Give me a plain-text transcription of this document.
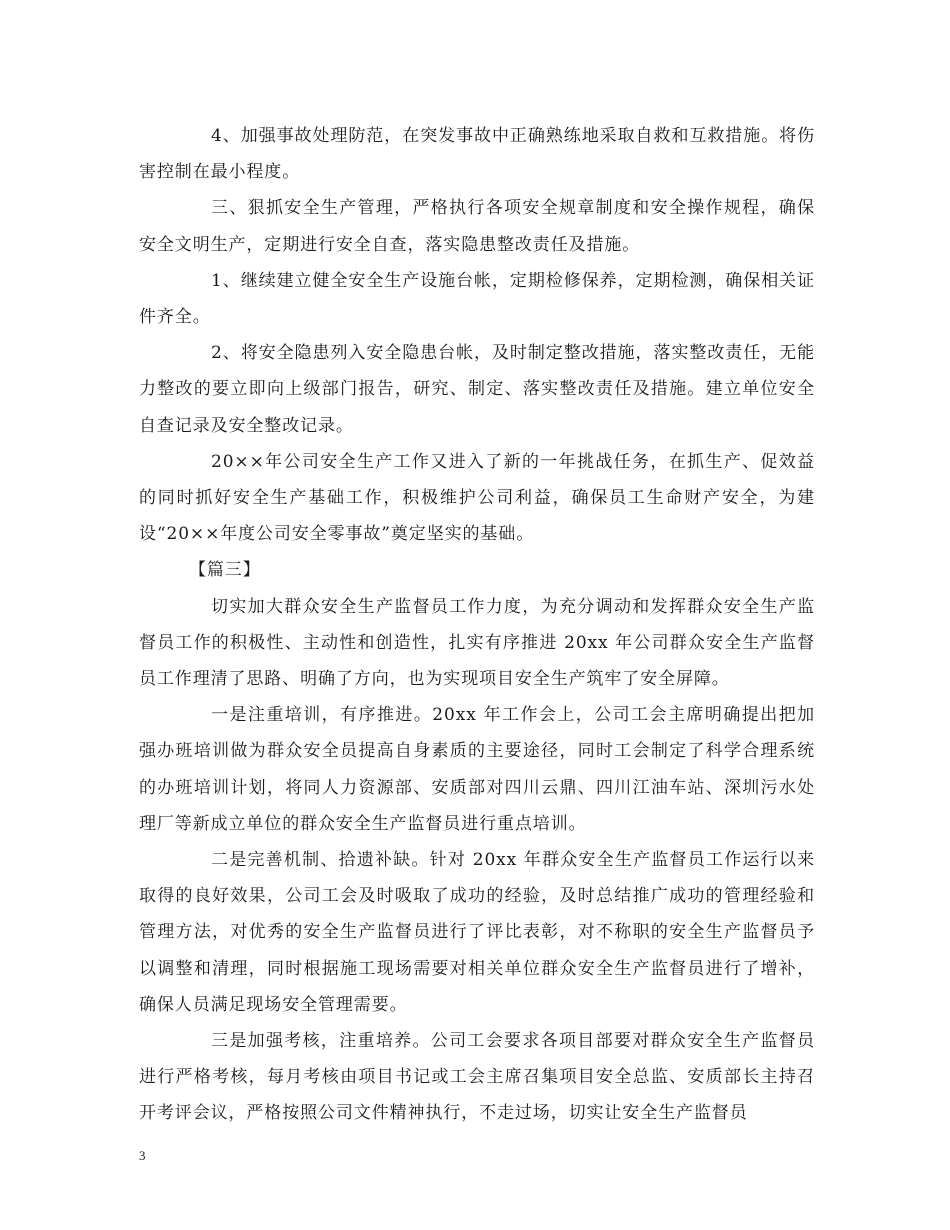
4、加强事故处理防范，在突发事故中正确熟练地采取自救和互救措施。将伤害控制在最小程度。

三、狠抓安全生产管理，严格执行各项安全规章制度和安全操作规程，确保安全文明生产，定期进行安全自查，落实隐患整改责任及措施。

1、继续建立健全安全生产设施台帐，定期检修保养，定期检测，确保相关证件齐全。

2、将安全隐患列入安全隐患台帐，及时制定整改措施，落实整改责任，无能力整改的要立即向上级部门报告，研究、制定、落实整改责任及措施。建立单位安全自查记录及安全整改记录。

20××年公司安全生产工作又进入了新的一年挑战任务，在抓生产、促效益的同时抓好安全生产基础工作，积极维护公司利益，确保员工生命财产安全，为建设“20××年度公司安全零事故”奠定坚实的基础。

【篇三】

切实加大群众安全生产监督员工作力度，为充分调动和发挥群众安全生产监督员工作的积极性、主动性和创造性，扎实有序推进 20xx 年公司群众安全生产监督员工作理清了思路、明确了方向，也为实现项目安全生产筑牢了安全屏障。

一是注重培训，有序推进。20xx 年工作会上，公司工会主席明确提出把加强办班培训做为群众安全员提高自身素质的主要途径，同时工会制定了科学合理系统的办班培训计划，将同人力资源部、安质部对四川云鼎、四川江油车站、深圳污水处理厂等新成立单位的群众安全生产监督员进行重点培训。

二是完善机制、拾遗补缺。针对 20xx 年群众安全生产监督员工作运行以来取得的良好效果，公司工会及时吸取了成功的经验，及时总结推广成功的管理经验和管理方法，对优秀的安全生产监督员进行了评比表彰，对不称职的安全生产监督员予以调整和清理，同时根据施工现场需要对相关单位群众安全生产监督员进行了增补，确保人员满足现场安全管理需要。

三是加强考核，注重培养。公司工会要求各项目部要对群众安全生产监督员进行严格考核，每月考核由项目书记或工会主席召集项目安全总监、安质部长主持召开考评会议，严格按照公司文件精神执行，不走过场，切实让安全生产监督员

3
